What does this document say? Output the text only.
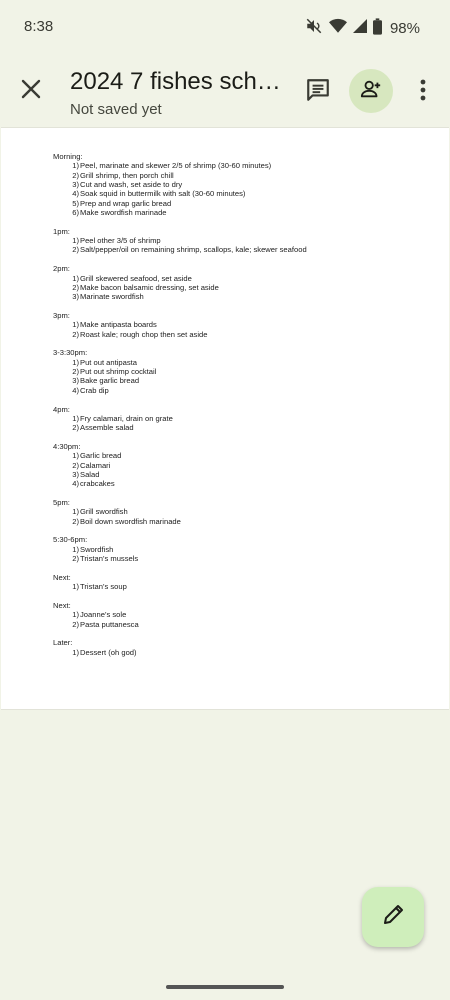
8:38	98%
2024 7 fishes sch…
Not saved yet
Morning:
1) Peel, marinate and skewer 2/5 of shrimp (30-60 minutes)
2) Grill shrimp, then porch chill
3) Cut and wash, set aside to dry
4) Soak squid in buttermilk with salt (30-60 minutes)
5) Prep and wrap garlic bread
6) Make swordfish marinade
1pm:
1) Peel other 3/5 of shrimp
2) Salt/pepper/oil on remaining shrimp, scallops, kale; skewer seafood
2pm:
1) Grill skewered seafood, set aside
2) Make bacon balsamic dressing, set aside
3) Marinate swordfish
3pm:
1) Make antipasta boards
2) Roast kale; rough chop then set aside
3-3:30pm:
1) Put out antipasta
2) Put out shrimp cocktail
3) Bake garlic bread
4) Crab dip
4pm:
1) Fry calamari, drain on grate
2) Assemble salad
4:30pm:
1) Garlic bread
2) Calamari
3) Salad
4) crabcakes
5pm:
1) Grill swordfish
2) Boil down swordfish marinade
5:30-6pm:
1) Swordfish
2) Tristan’s mussels
Next:
1) Tristan’s soup
Next:
1) Joanne’s sole
2) Pasta puttanesca
Later:
1) Dessert (oh god)
